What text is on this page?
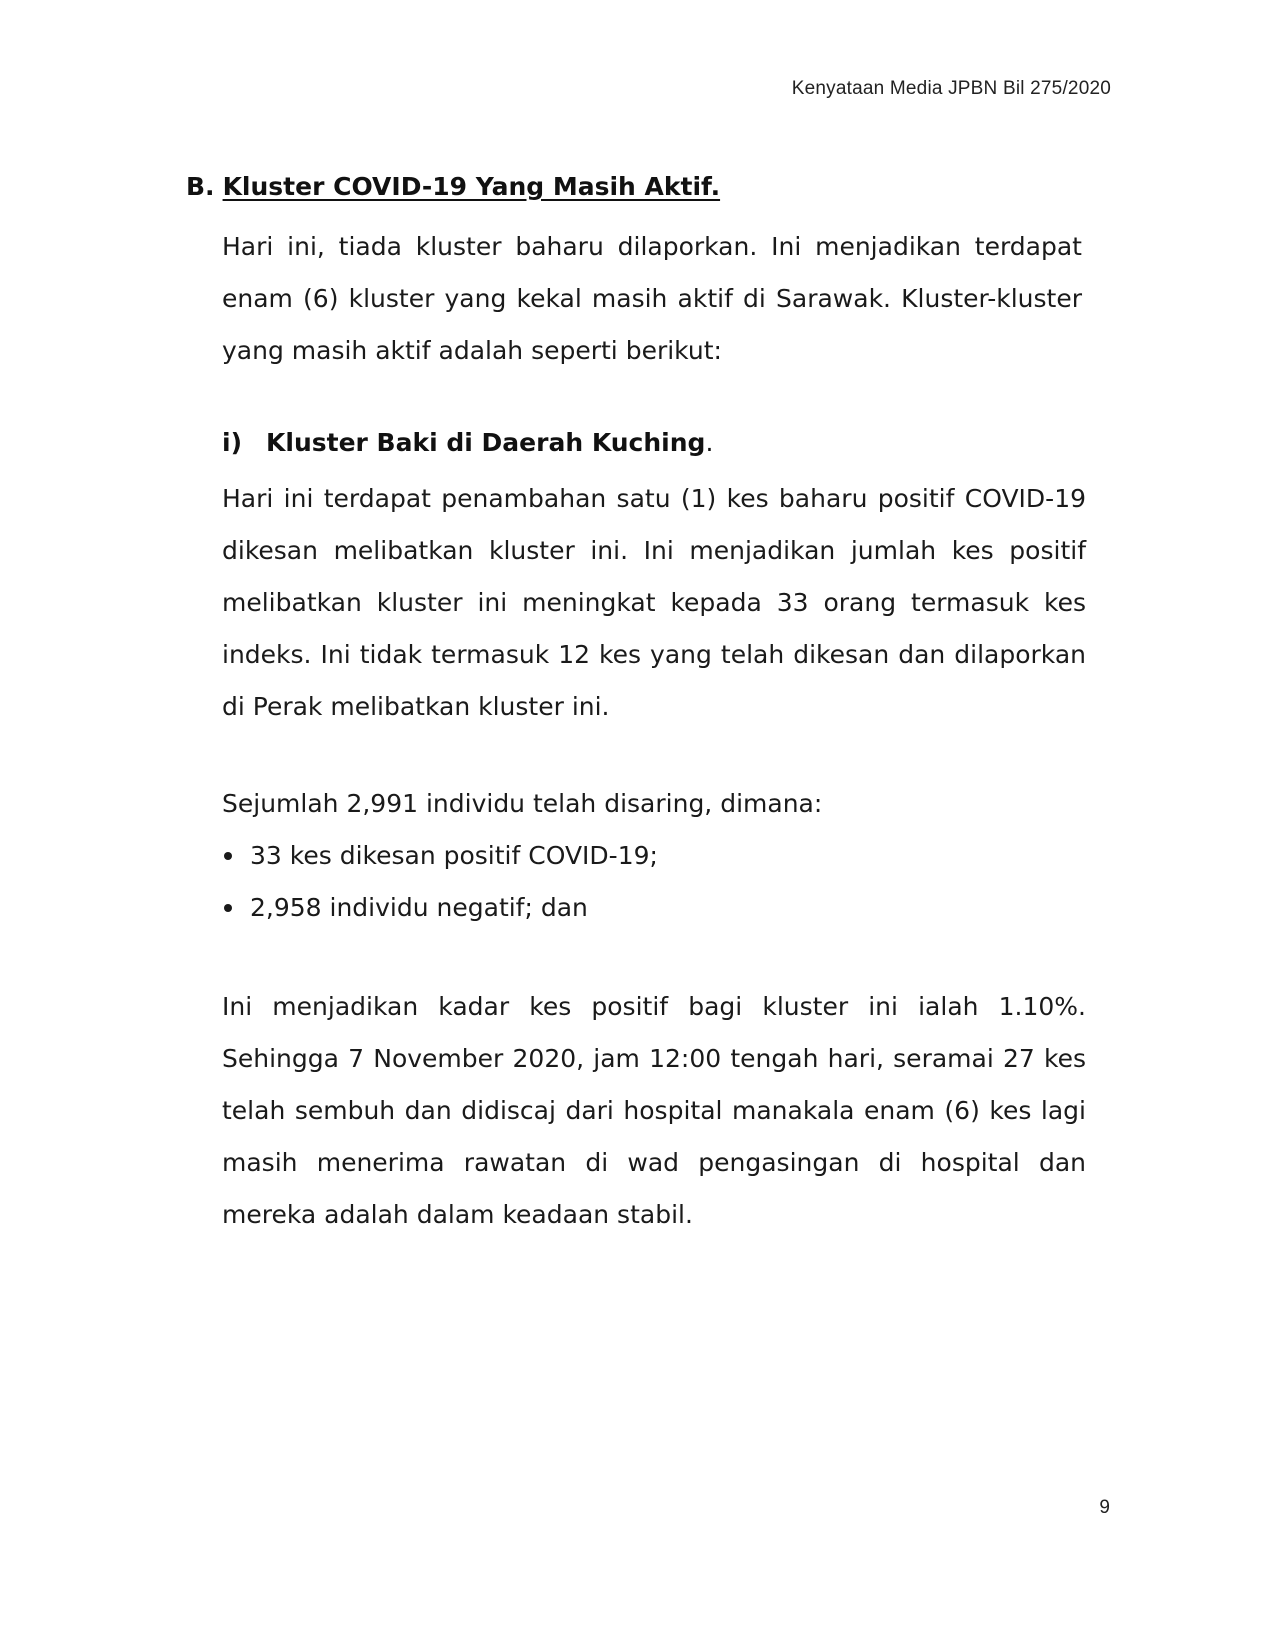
Kenyataan Media JPBN Bil 275/2020
B. Kluster COVID-19 Yang Masih Aktif.
Hari ini, tiada kluster baharu dilaporkan. Ini menjadikan terdapat enam (6) kluster yang kekal masih aktif di Sarawak. Kluster-kluster yang masih aktif adalah seperti berikut:
i) Kluster Baki di Daerah Kuching.
Hari ini terdapat penambahan satu (1) kes baharu positif COVID-19 dikesan melibatkan kluster ini. Ini menjadikan jumlah kes positif melibatkan kluster ini meningkat kepada 33 orang termasuk kes indeks. Ini tidak termasuk 12 kes yang telah dikesan dan dilaporkan di Perak melibatkan kluster ini.
Sejumlah 2,991 individu telah disaring, dimana:
33 kes dikesan positif COVID-19;
2,958 individu negatif; dan
Ini menjadikan kadar kes positif bagi kluster ini ialah 1.10%. Sehingga 7 November 2020, jam 12:00 tengah hari, seramai 27 kes telah sembuh dan didiscaj dari hospital manakala enam (6) kes lagi masih menerima rawatan di wad pengasingan di hospital dan mereka adalah dalam keadaan stabil.
9
